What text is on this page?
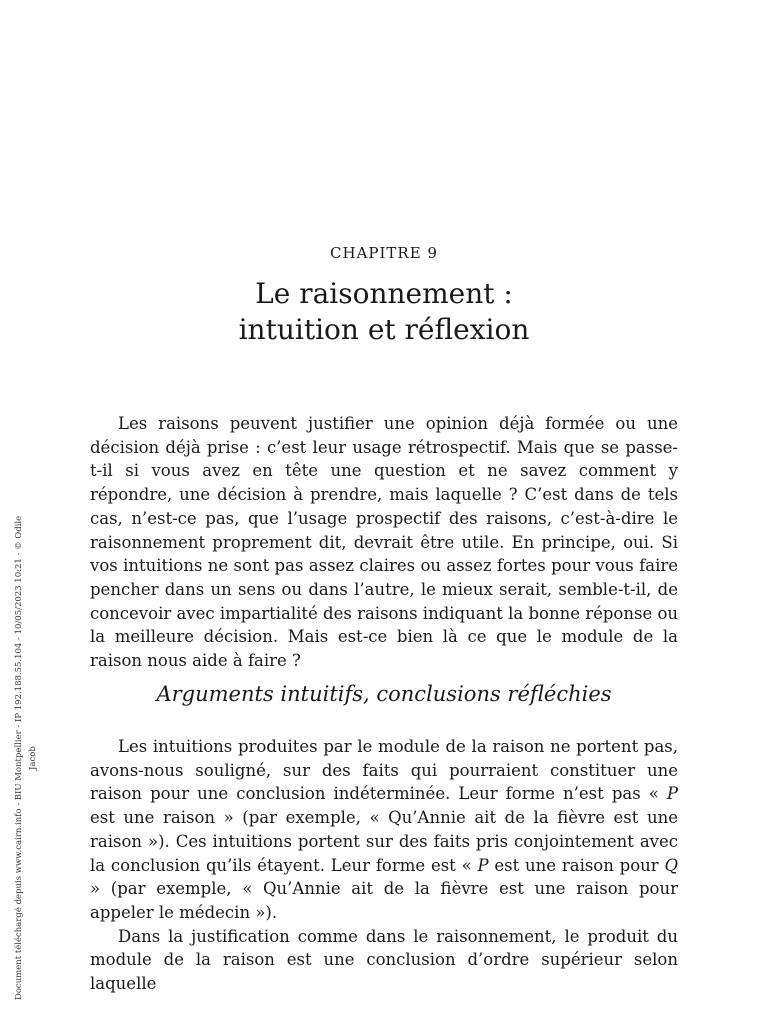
CHAPITRE 9
Le raisonnement :
intuition et réflexion

Les raisons peuvent justifier une opinion déjà formée ou une décision déjà prise : c’est leur usage rétrospectif. Mais que se passe-t-il si vous avez en tête une question et ne savez comment y répondre, une décision à prendre, mais laquelle ? C’est dans de tels cas, n’est-ce pas, que l’usage prospectif des raisons, c’est-à-dire le raisonnement proprement dit, devrait être utile. En principe, oui. Si vos intuitions ne sont pas assez claires ou assez fortes pour vous faire pencher dans un sens ou dans l’autre, le mieux serait, semble-t-il, de concevoir avec impartialité des raisons indiquant la bonne réponse ou la meilleure décision. Mais est-ce bien là ce que le module de la raison nous aide à faire ?

Arguments intuitifs, conclusions réfléchies

Les intuitions produites par le module de la raison ne portent pas, avons-nous souligné, sur des faits qui pourraient constituer une raison pour une conclusion indéterminée. Leur forme n’est pas « P est une raison » (par exemple, « Qu’Annie ait de la fièvre est une raison »). Ces intuitions portent sur des faits pris conjointement avec la conclusion qu’ils étayent. Leur forme est « P est une raison pour Q » (par exemple, « Qu’Annie ait de la fièvre est une raison pour appeler le médecin »).

Dans la justification comme dans le raisonnement, le produit du module de la raison est une conclusion d’ordre supérieur selon laquelle

Document téléchargé depuis www.cairn.info - BIU Montpellier - IP 192.188.55.104 - 10/05/2023 10:21 - © Odile Jacob
